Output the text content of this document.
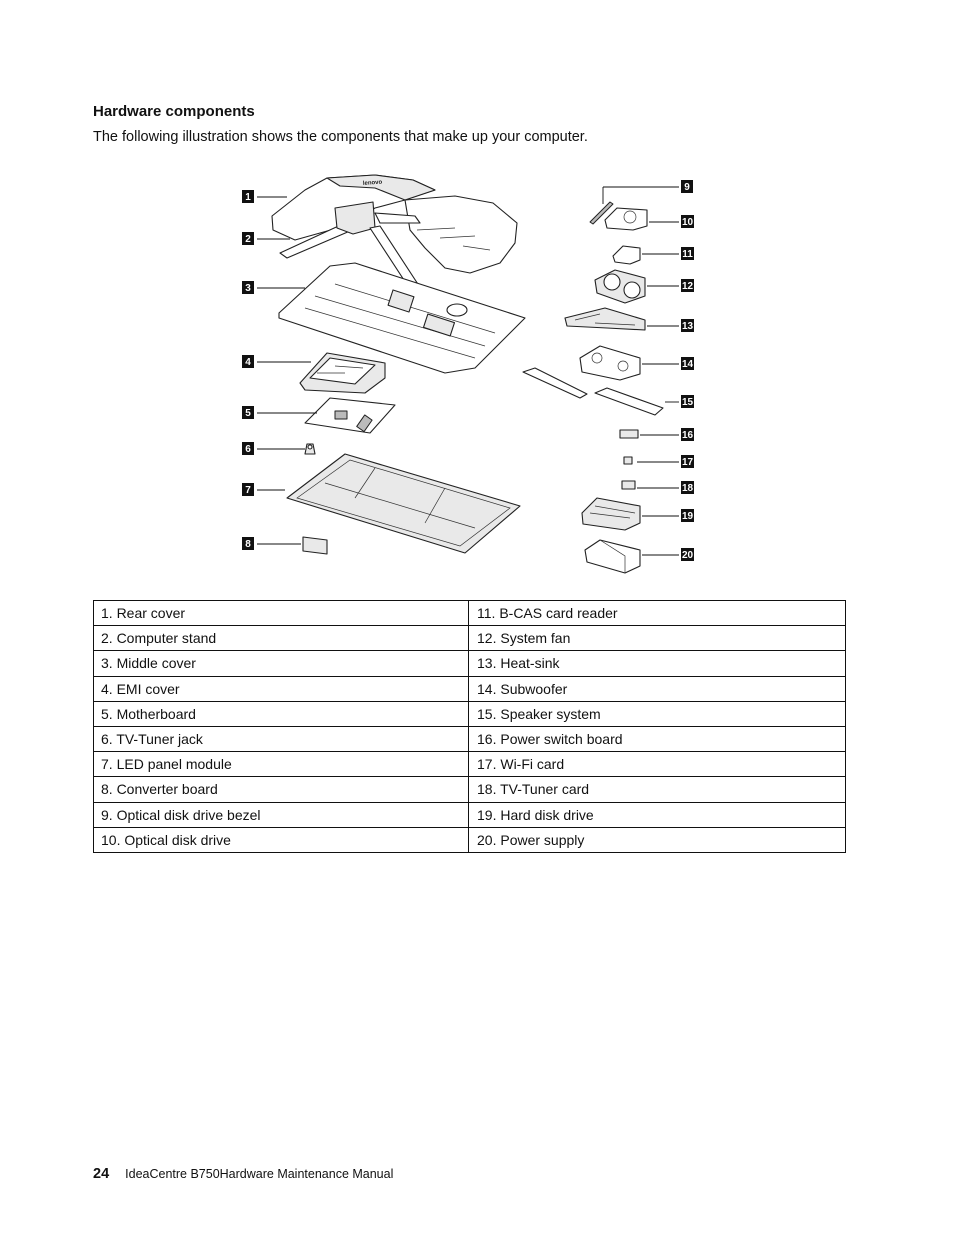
Hardware components

The following illustration shows the components that make up your computer.

lenovo
1
2
3
4
5
6
7
8
9
10
11
12
13
14
15
16
17
18
19
20
1. Rear cover	11. B-CAS card reader
2. Computer stand	12. System fan
3. Middle cover	13. Heat-sink
4. EMI cover	14. Subwoofer
5. Motherboard	15. Speaker system
6. TV-Tuner jack	16. Power switch board
7. LED panel module	17. Wi-Fi card
8. Converter board	18. TV-Tuner card
9. Optical disk drive bezel	19. Hard disk drive
10. Optical disk drive	20. Power supply
24 IdeaCentre B750Hardware Maintenance Manual
